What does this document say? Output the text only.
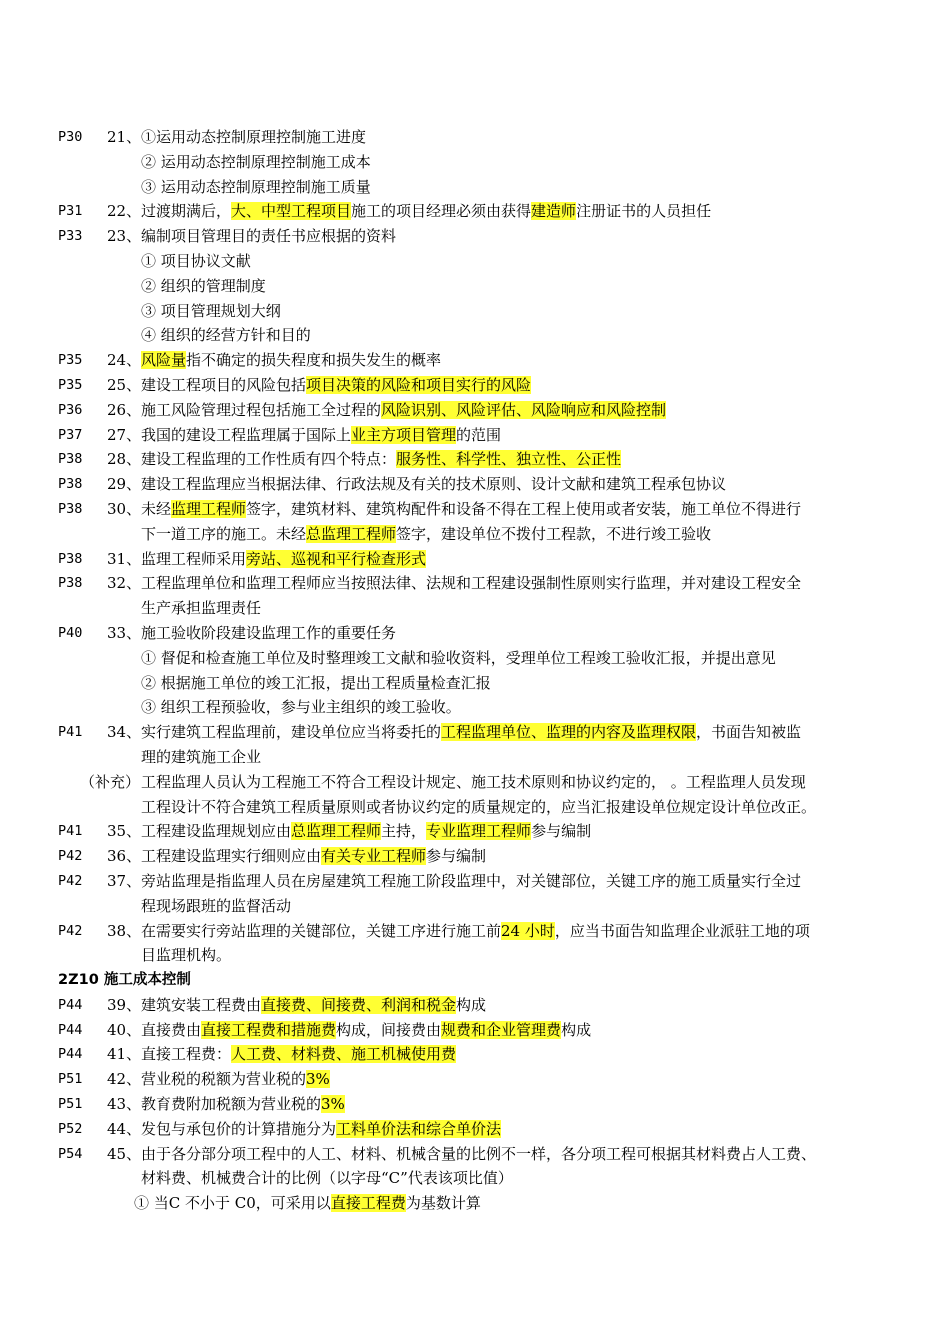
P30 21、 ①运用动态控制原理控制施工进度
② 运用动态控制原理控制施工成本
③ 运用动态控制原理控制施工质量
P31 22、 过渡期满后，大、中型工程项目施工的项目经理必须由获得建造师注册证书的人员担任
P33 23、 编制项目管理目的责任书应根据的资料
① 项目协议文献
② 组织的管理制度
③ 项目管理规划大纲
④ 组织的经营方针和目的
P35 24、 风险量指不确定的损失程度和损失发生的概率
P35 25、 建设工程项目的风险包括项目决策的风险和项目实行的风险
P36 26、 施工风险管理过程包括施工全过程的风险识别、风险评估、风险响应和风险控制
P37 27、 我国的建设工程监理属于国际上业主方项目管理的范围
P38 28、 建设工程监理的工作性质有四个特点：服务性、科学性、独立性、公正性
P38 29、 建设工程监理应当根据法律、行政法规及有关的技术原则、设计文献和建筑工程承包协议
P38 30、 未经监理工程师签字，建筑材料、建筑构配件和设备不得在工程上使用或者安装，施工单位不得进行
下一道工序的施工。未经总监理工程师签字，建设单位不拨付工程款，不进行竣工验收
P38 31、 监理工程师采用旁站、巡视和平行检查形式
P38 32、 工程监理单位和监理工程师应当按照法律、法规和工程建设强制性原则实行监理，并对建设工程安全
生产承担监理责任
P40 33、 施工验收阶段建设监理工作的重要任务
① 督促和检查施工单位及时整理竣工文献和验收资料，受理单位工程竣工验收汇报，并提出意见
② 根据施工单位的竣工汇报，提出工程质量检查汇报
③ 组织工程预验收，参与业主组织的竣工验收。
P41 34、 实行建筑工程监理前，建设单位应当将委托的工程监理单位、监理的内容及监理权限，书面告知被监
理的建筑施工企业
（补充） 工程监理人员认为工程施工不符合工程设计规定、施工技术原则和协议约定的， 。工程监理人员发现
工程设计不符合建筑工程质量原则或者协议约定的质量规定的，应当汇报建设单位规定设计单位改正。
P41 35、 工程建设监理规划应由总监理工程师主持，专业监理工程师参与编制
P42 36、 工程建设监理实行细则应由有关专业工程师参与编制
P42 37、 旁站监理是指监理人员在房屋建筑工程施工阶段监理中，对关键部位，关键工序的施工质量实行全过
程现场跟班的监督活动
P42 38、 在需要实行旁站监理的关键部位，关键工序进行施工前24 小时，应当书面告知监理企业派驻工地的项
目监理机构。
2Z10 施工成本控制
P44 39、 建筑安装工程费由直接费、间接费、利润和税金构成
P44 40、 直接费由直接工程费和措施费构成，间接费由规费和企业管理费构成
P44 41、 直接工程费：人工费、材料费、施工机械使用费
P51 42、 营业税的税额为营业税的3%
P51 43、 教育费附加税额为营业税的3%
P52 44、 发包与承包价的计算措施分为工料单价法和综合单价法
P54 45、 由于各分部分项工程中的人工、材料、机械含量的比例不一样，各分项工程可根据其材料费占人工费、
材料费、机械费合计的比例（以字母“C”代表该项比值）
① 当C 不小于 C0，可采用以直接工程费为基数计算
